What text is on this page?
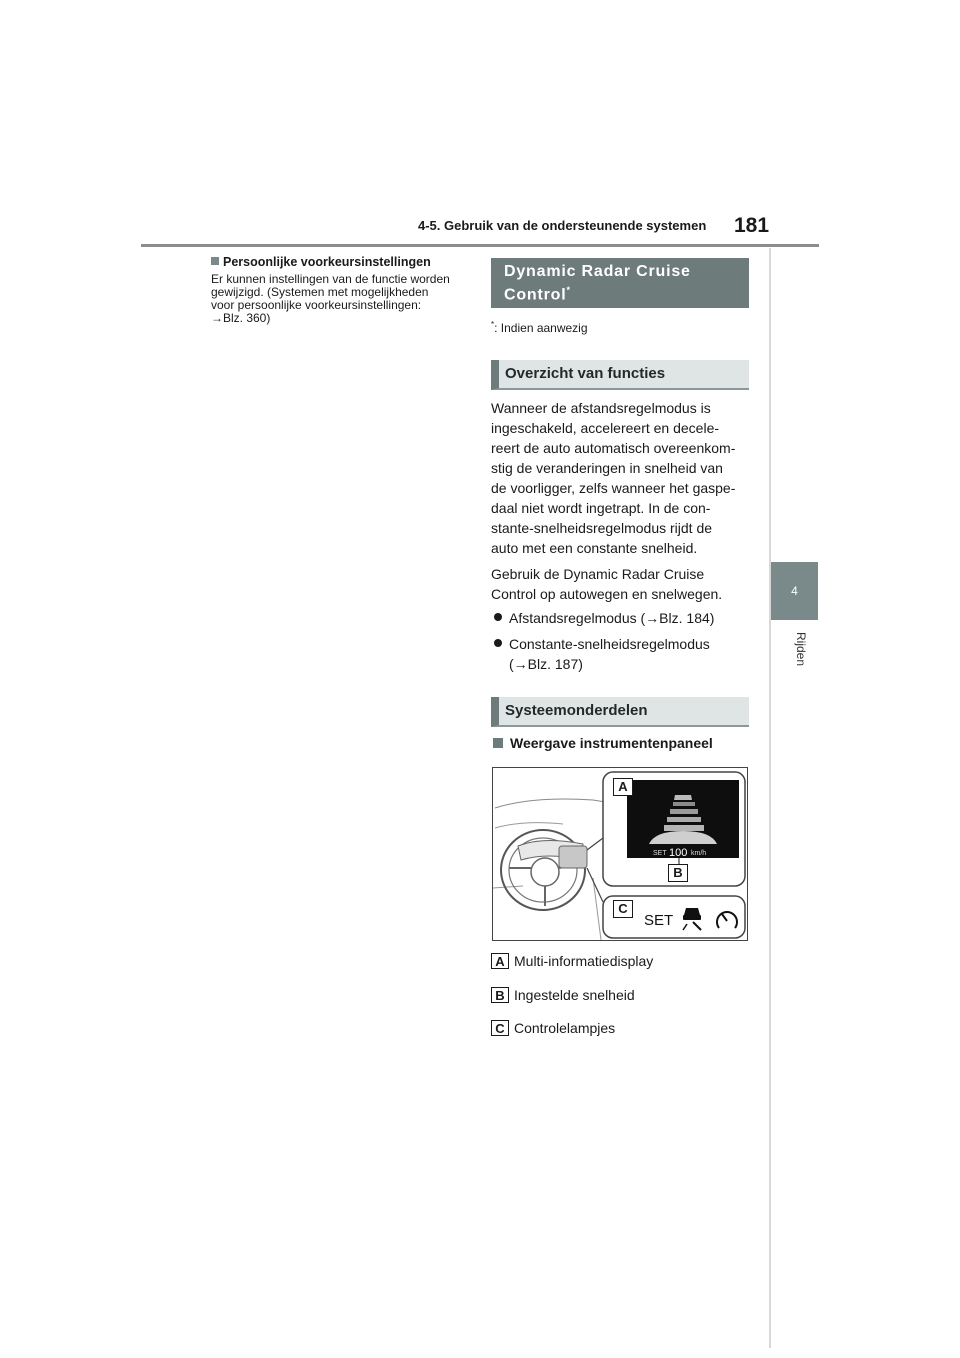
4-5. Gebruik van de ondersteunende systemen 181
4
Rijden
Persoonlijke voorkeursinstellingen
Er kunnen instellingen van de functie worden
gewijzigd. (Systemen met mogelijkheden
voor persoonlijke voorkeursinstellingen:
→Blz. 360)
Dynamic Radar Cruise
Control*
*: Indien aanwezig
Overzicht van functies
Wanneer de afstandsregelmodus is
ingeschakeld, accelereert en decele-
reert de auto automatisch overeenkom-
stig de veranderingen in snelheid van
de voorligger, zelfs wanneer het gaspe-
daal niet wordt ingetrapt. In de con-
stante-snelheidsregelmodus rijdt de
auto met een constante snelheid.
Gebruik de Dynamic Radar Cruise
Control op autowegen en snelwegen.
Afstandsregelmodus (→Blz. 184)
Constante-snelheidsregelmodus
(→Blz. 187)
Systeemonderdelen
Weergave instrumentenpaneel
SET 100 km/h
SET
A
B
C
A Multi-informatiedisplay
B Ingestelde snelheid
C Controlelampjes
